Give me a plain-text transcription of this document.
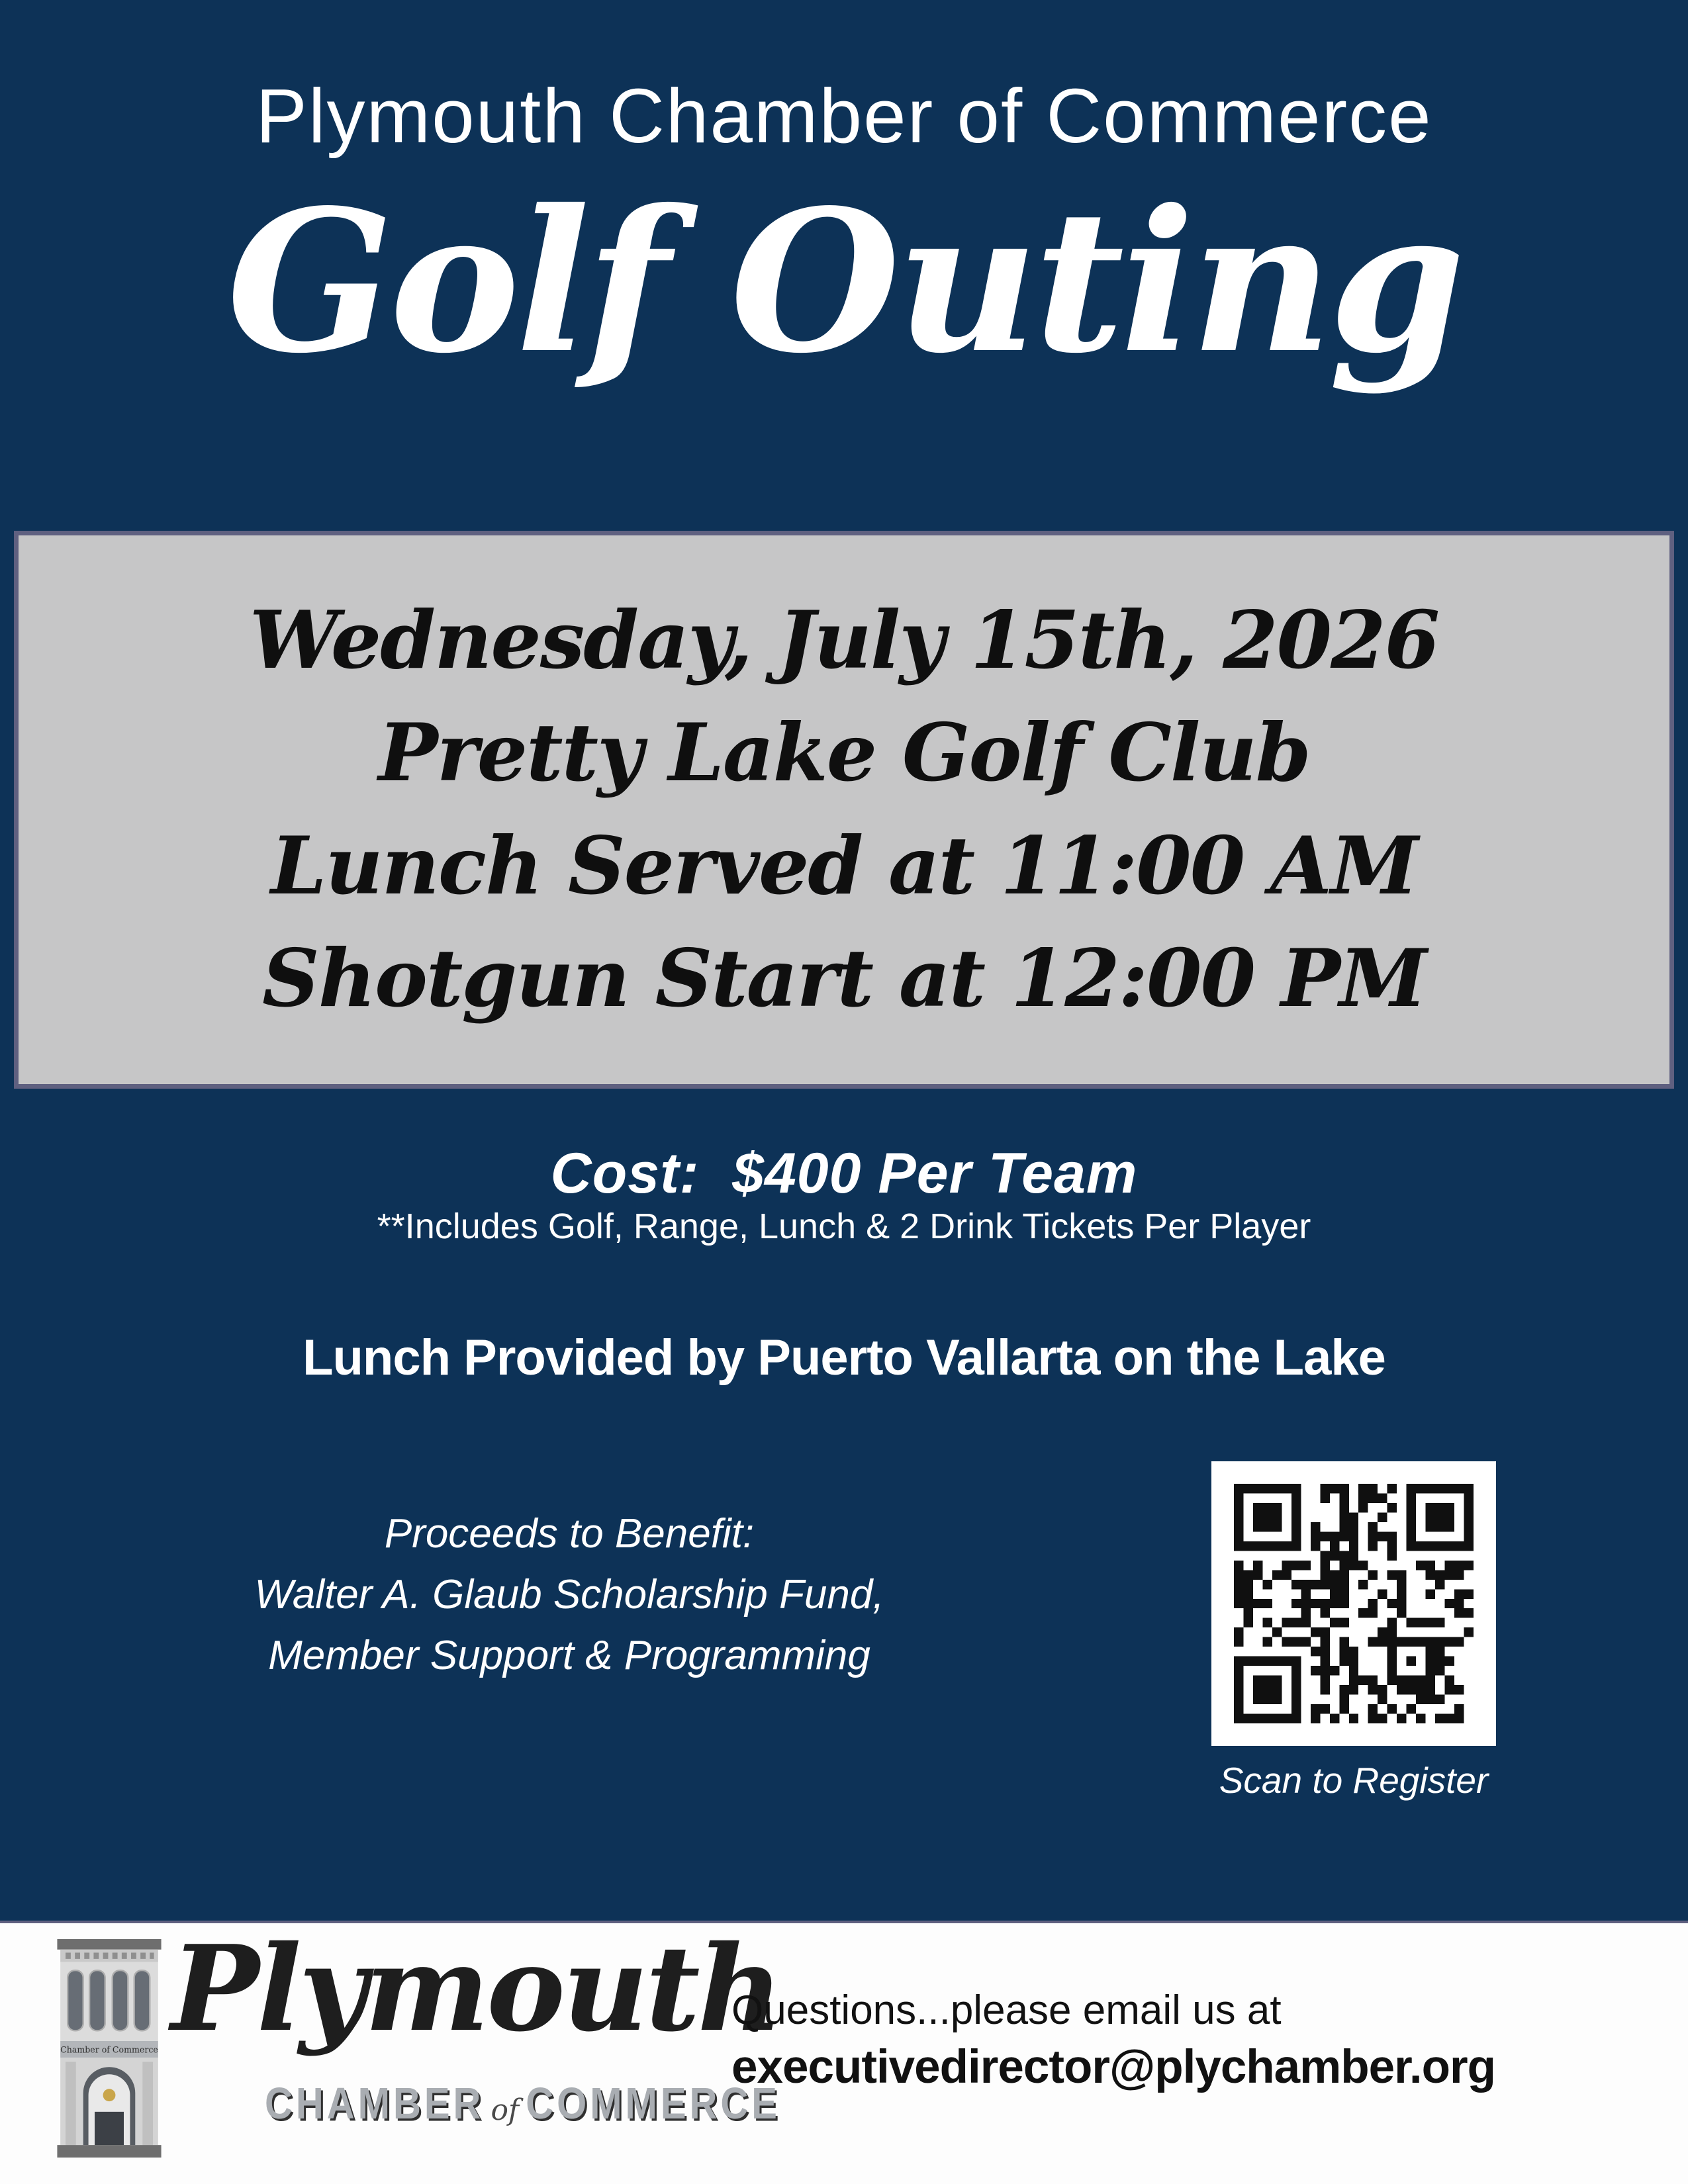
Plymouth Chamber of Commerce
Golf Outing
Wednesday, July 15th, 2026
Pretty Lake Golf Club
Lunch Served at 11:00 AM
Shotgun Start at 12:00 PM
Cost:  $400 Per Team
**Includes Golf, Range, Lunch & 2 Drink Tickets Per Player
Lunch Provided by Puerto Vallarta on the Lake
Proceeds to Benefit:
Walter A. Glaub Scholarship Fund,
Member Support & Programming
Scan to Register
Chamber of Commerce Plymouth
CHAMBER of COMMERCE
Questions...please email us at
executivedirector@plychamber.org
